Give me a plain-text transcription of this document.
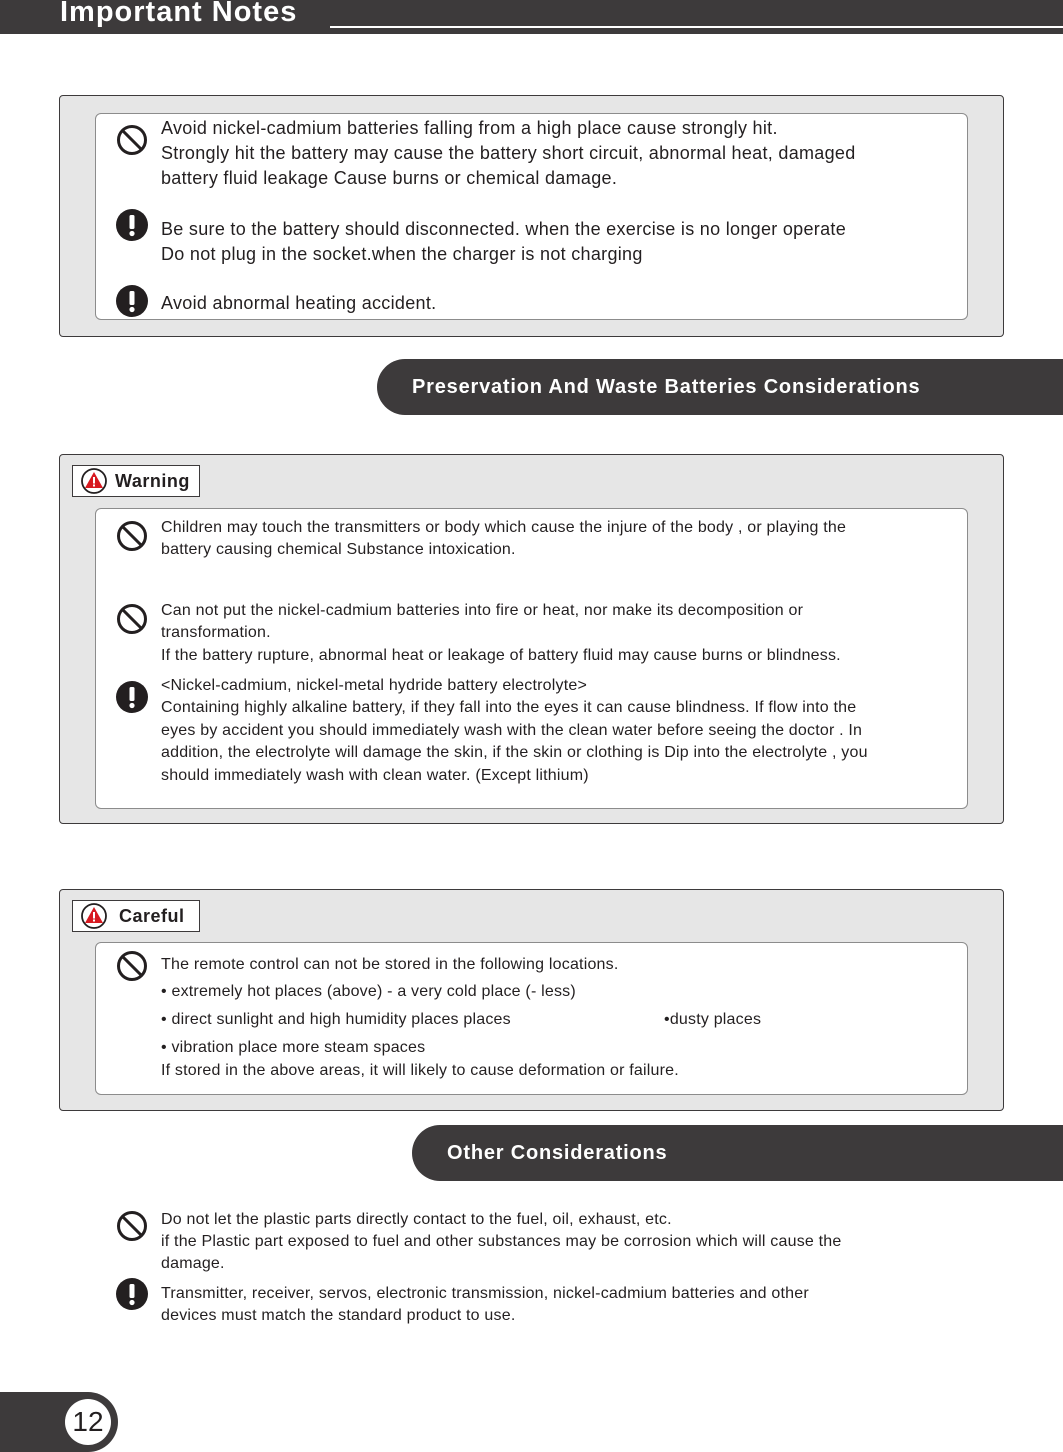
Important Notes
Avoid nickel-cadmium batteries falling from a high place cause strongly hit.
Strongly hit the battery may cause the battery short circuit, abnormal heat, damaged
battery fluid leakage Cause burns or chemical damage.
Be sure to the battery should disconnected. when the exercise is no longer operate
Do not plug in the socket.when the charger is not charging
Avoid abnormal heating accident.
Preservation And Waste Batteries Considerations
Warning
Children may touch the transmitters or body which cause the injure of the body , or playing the
battery causing chemical Substance intoxication.
Can not put the nickel-cadmium batteries into fire or heat, nor make its decomposition or
transformation.
If the battery rupture, abnormal heat or leakage of battery fluid may cause burns or blindness.
<Nickel-cadmium, nickel-metal hydride battery electrolyte>
Containing highly alkaline battery, if they fall into the eyes it can cause blindness. If flow into the
eyes by accident you should immediately wash with the clean water before seeing the doctor . In
addition, the electrolyte will damage the skin, if the skin or clothing is Dip into the electrolyte , you
should immediately wash with clean water. (Except lithium)
Careful
The remote control can not be stored in the following locations.
• extremely hot places (above) - a very cold place (- less)
• direct sunlight and high humidity places places	•dusty places
• vibration place more steam spaces
If stored in the above areas, it will likely to cause deformation or failure.
Other Considerations
Do not let the plastic parts directly contact to the fuel, oil, exhaust, etc.
if the Plastic part exposed to fuel and other substances may be corrosion which will cause the
damage.
Transmitter, receiver, servos, electronic transmission, nickel-cadmium batteries and other
devices must match the standard product to use.
12
